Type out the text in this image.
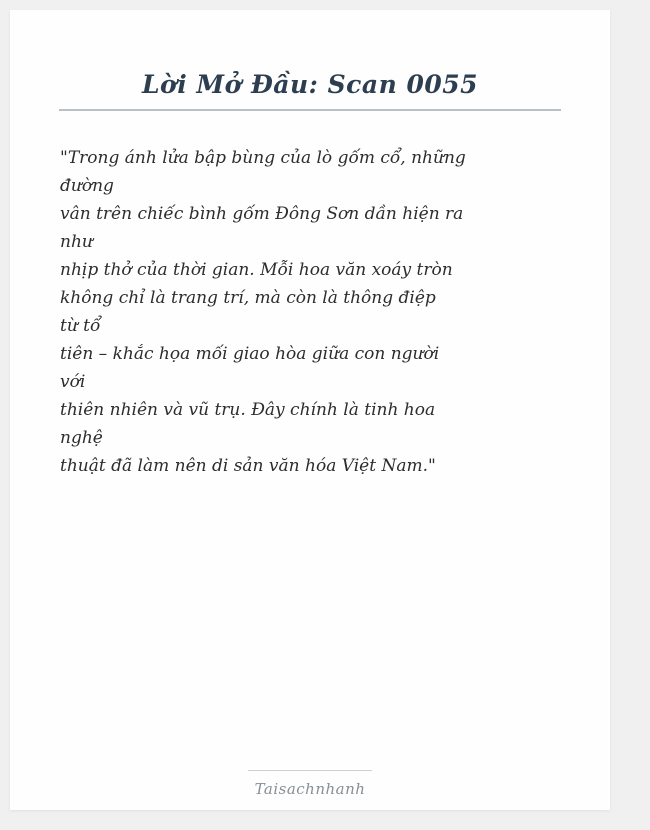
Lời Mở Đầu: Scan 0055
"Trong ánh lửa bập bùng của lò gốm cổ, những
đường
vân trên chiếc bình gốm Đông Sơn dần hiện ra
như
nhịp thở của thời gian. Mỗi hoa văn xoáy tròn
không chỉ là trang trí, mà còn là thông điệp
từ tổ
tiên – khắc họa mối giao hòa giữa con người
với
thiên nhiên và vũ trụ. Đây chính là tinh hoa
nghệ
thuật đã làm nên di sản văn hóa Việt Nam."
Taisachnhanh
